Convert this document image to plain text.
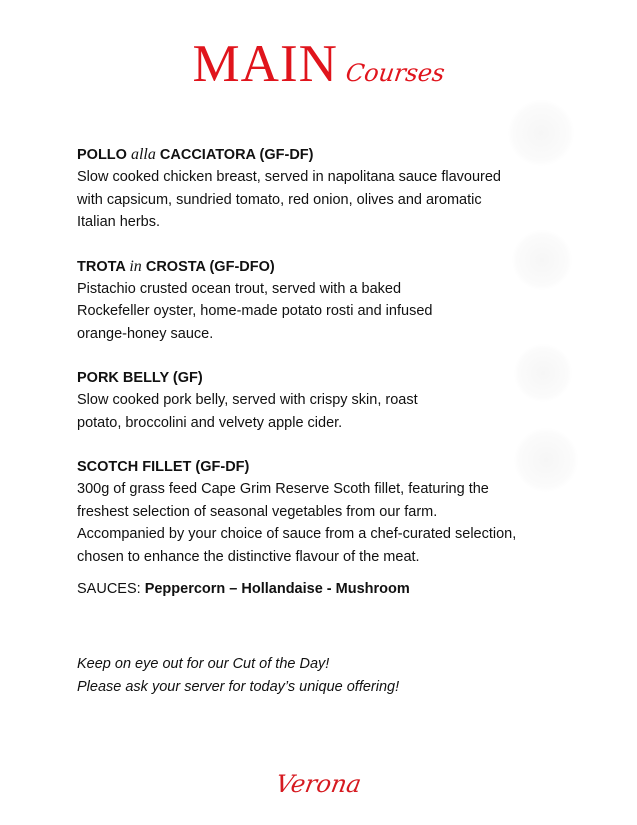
MAIN Courses

POLLO alla CACCIATORA (GF-DF)

Slow cooked chicken breast, served in napolitana sauce flavoured
with capsicum, sundried tomato, red onion, olives and aromatic
Italian herbs.

TROTA in CROSTA (GF-DFO)

Pistachio crusted ocean trout, served with a baked
Rockefeller oyster, home-made potato rosti and infused
orange-honey sauce.

PORK BELLY (GF)

Slow cooked pork belly, served with crispy skin, roast
potato, broccolini and velvety apple cider.

SCOTCH FILLET (GF-DF)

300g of grass feed Cape Grim Reserve Scoth fillet, featuring the
freshest selection of seasonal vegetables from our farm.
Accompanied by your choice of sauce from a chef-curated selection,
chosen to enhance the distinctive flavour of the meat.

SAUCES: Peppercorn – Hollandaise - Mushroom
Keep on eye out for our Cut of the Day!
Please ask your server for today’s unique offering!
Verona
